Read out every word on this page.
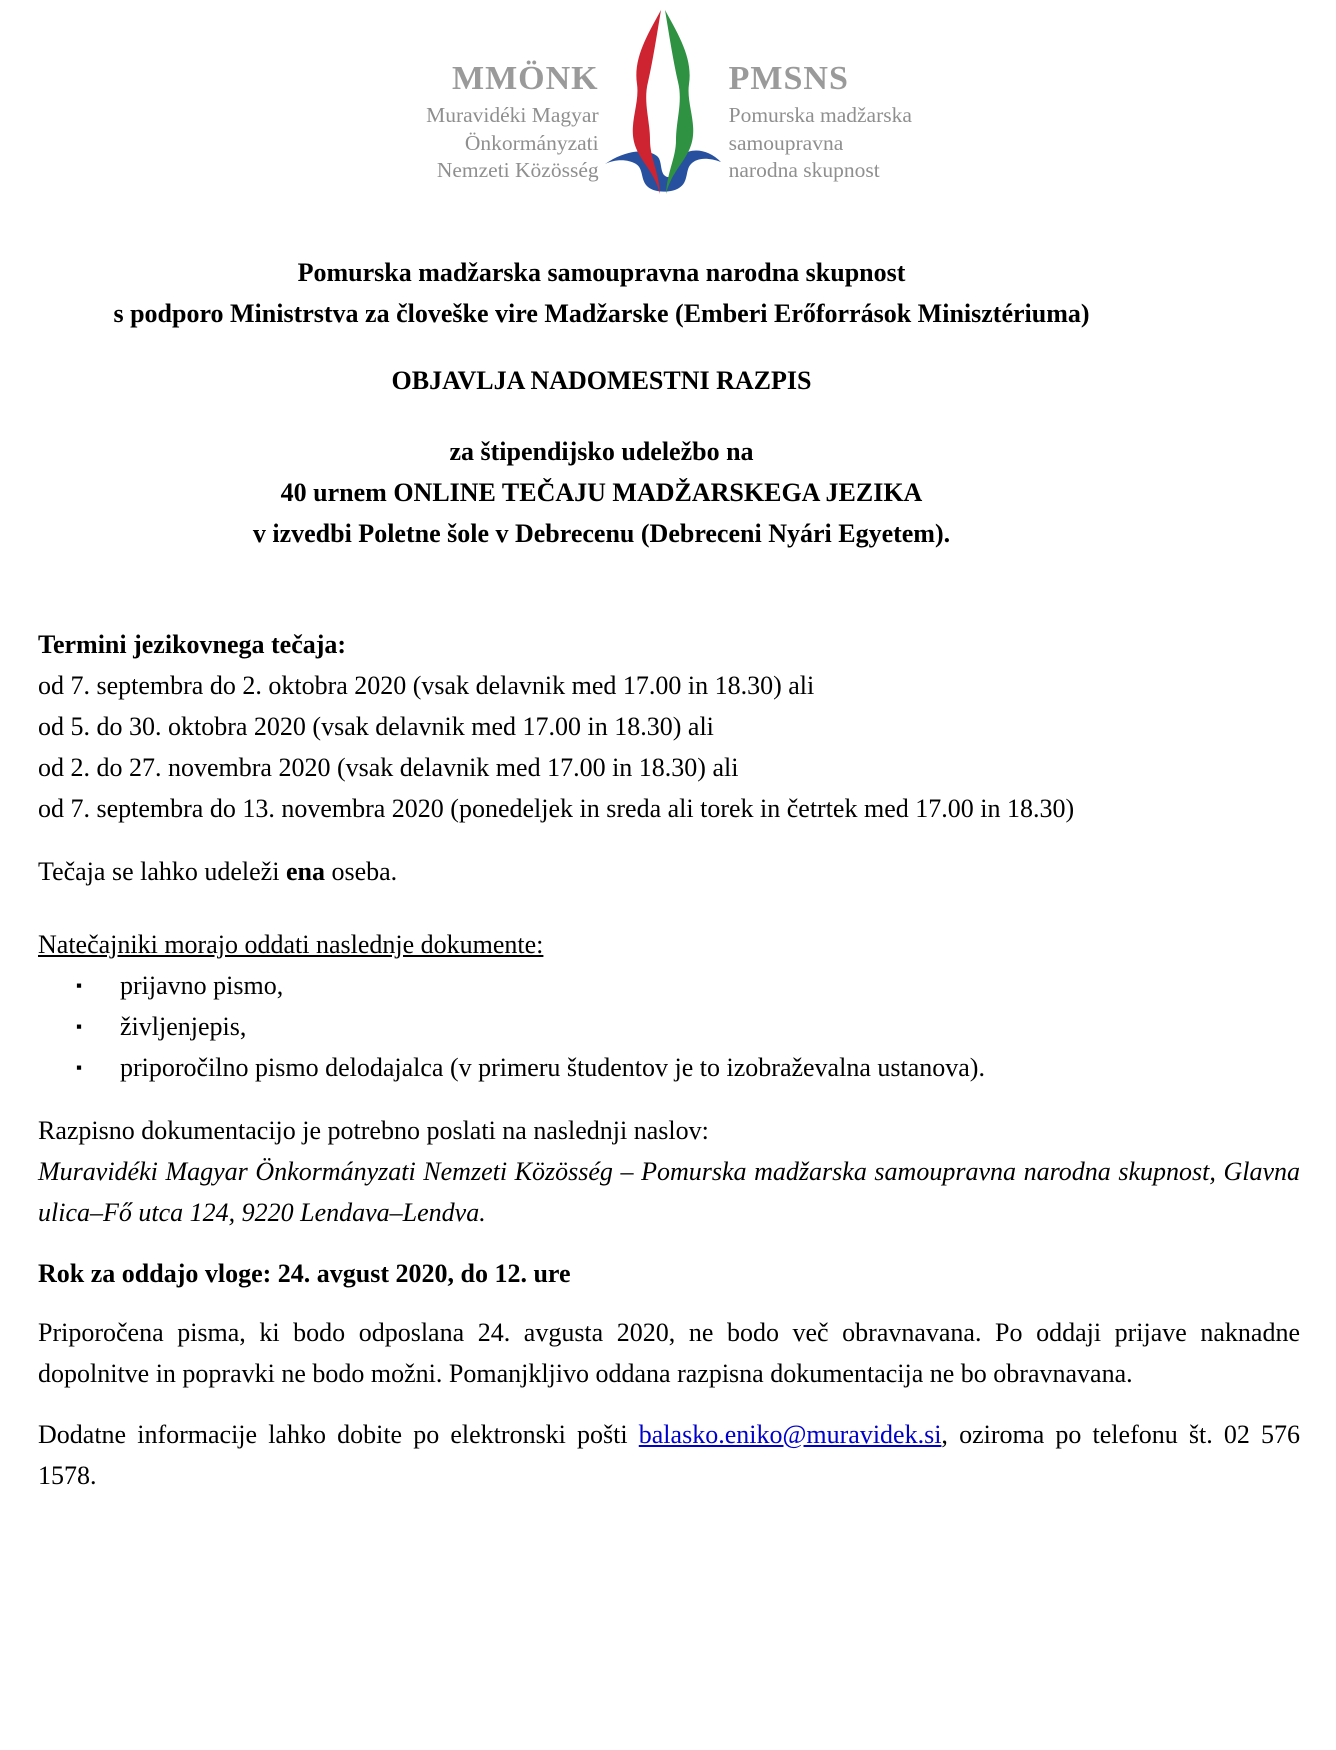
MMÖNK
Muravidéki Magyar
Önkormányzati
Nemzeti Közösség
PMSNS
Pomurska madžarska
samoupravna
narodna skupnost
Pomurska madžarska samoupravna narodna skupnost
s podporo Ministrstva za človeške vire Madžarske (Emberi Erőforrások Minisztériuma)
OBJAVLJA NADOMESTNI RAZPIS
za štipendijsko udeležbo na
40 urnem ONLINE TEČAJU MADŽARSKEGA JEZIKA
v izvedbi Poletne šole v Debrecenu (Debreceni Nyári Egyetem).
Termini jezikovnega tečaja:
od 7. septembra do 2. oktobra 2020 (vsak delavnik med 17.00 in 18.30) ali
od 5. do 30. oktobra 2020 (vsak delavnik med 17.00 in 18.30) ali
od 2. do 27. novembra 2020 (vsak delavnik med 17.00 in 18.30) ali
od 7. septembra do 13. novembra 2020 (ponedeljek in sreda ali torek in četrtek med 17.00 in 18.30)
Tečaja se lahko udeleži ena oseba.
Natečajniki morajo oddati naslednje dokumente:
▪ prijavno pismo,
▪ življenjepis,
▪ priporočilno pismo delodajalca (v primeru študentov je to izobraževalna ustanova).
Razpisno dokumentacijo je potrebno poslati na naslednji naslov:
Muravidéki Magyar Önkormányzati Nemzeti Közösség – Pomurska madžarska samoupravna narodna skupnost, Glavna ulica–Fő utca 124, 9220 Lendava–Lendva.
Rok za oddajo vloge: 24. avgust 2020, do 12. ure
Priporočena pisma, ki bodo odposlana 24. avgusta 2020, ne bodo več obravnavana. Po oddaji prijave naknadne dopolnitve in popravki ne bodo možni. Pomanjkljivo oddana razpisna dokumentacija ne bo obravnavana.
Dodatne informacije lahko dobite po elektronski pošti balasko.eniko@muravidek.si, oziroma po telefonu št. 02 576 1578.
